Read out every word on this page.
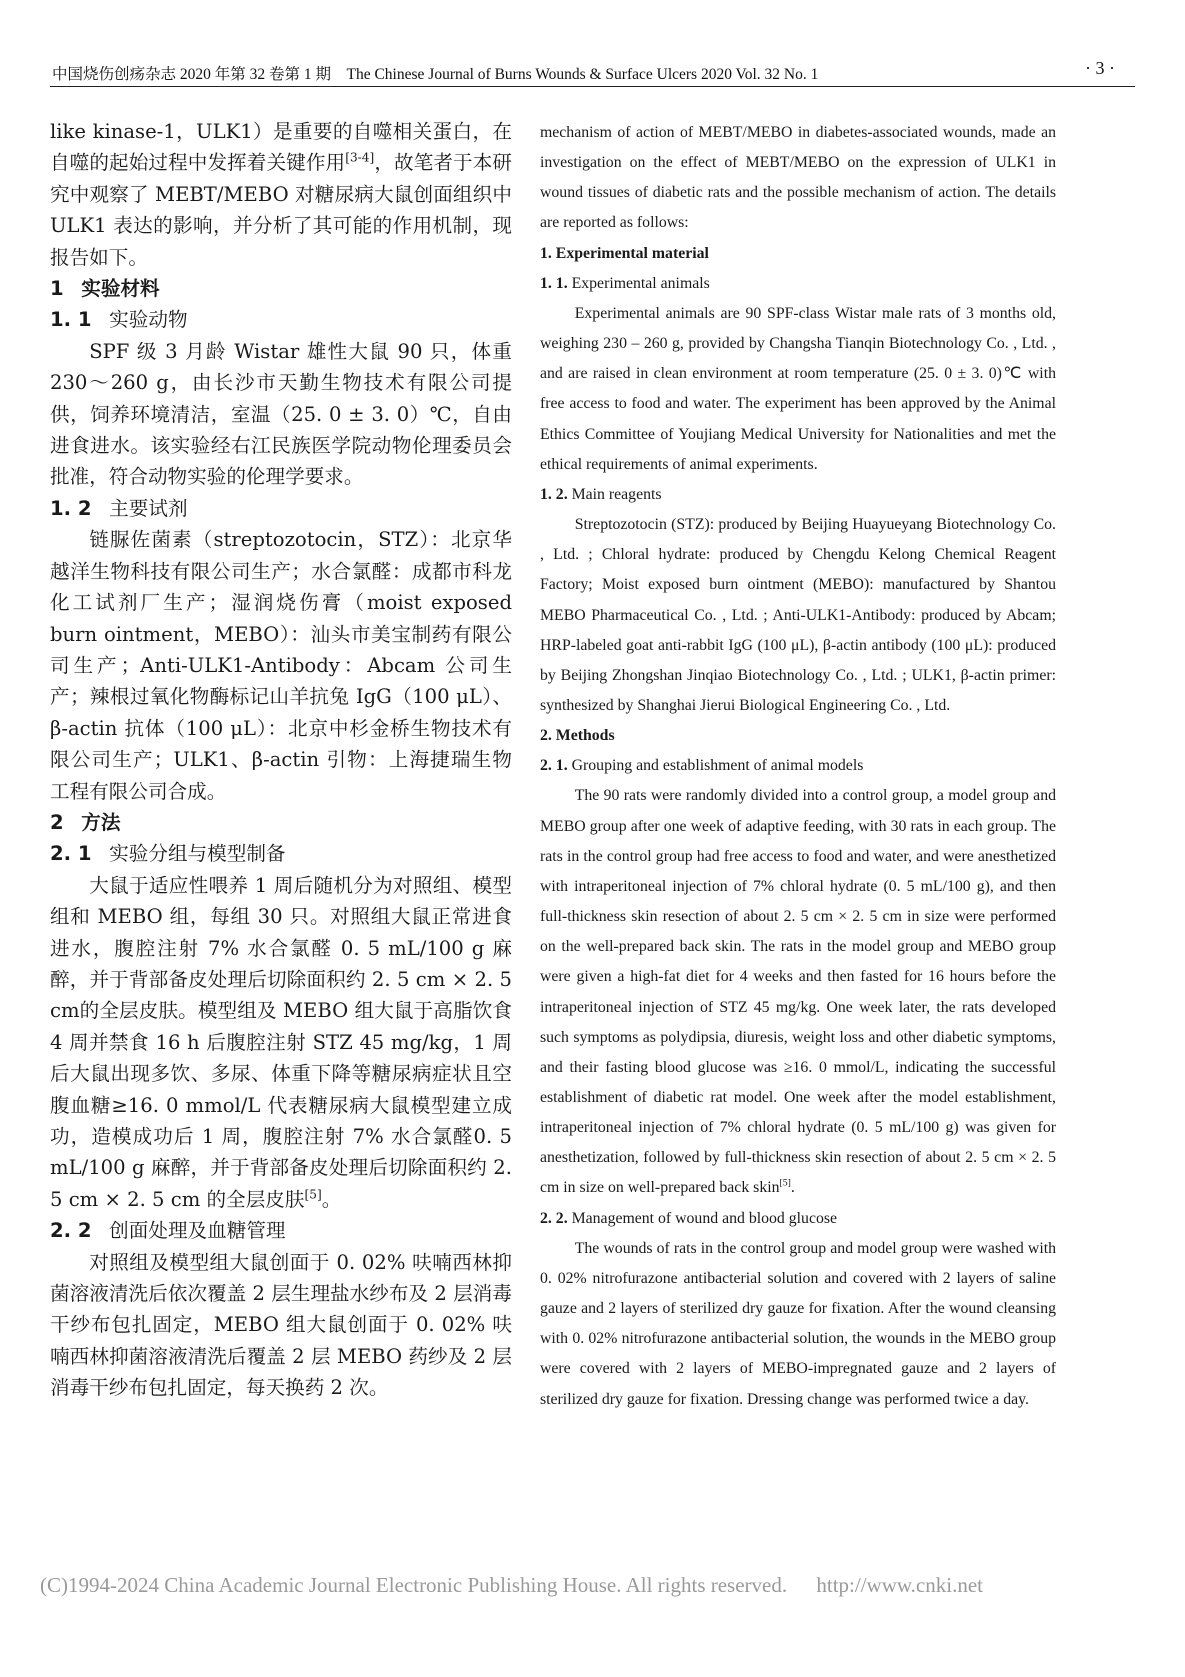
中国烧伤创疡杂志 2020 年第 32 卷第 1 期　The Chinese Journal of Burns Wounds & Surface Ulcers 2020 Vol. 32 No. 1	· 3 ·

like kinase-1，ULK1）是重要的自噬相关蛋白，在自噬的起始过程中发挥着关键作用[3-4]，故笔者于本研究中观察了 MEBT/MEBO 对糖尿病大鼠创面组织中 ULK1 表达的影响，并分析了其可能的作用机制，现报告如下。

1 实验材料

1. 1 实验动物

SPF 级 3 月龄 Wistar 雄性大鼠 90 只，体重 230～260 g，由长沙市天勤生物技术有限公司提供，饲养环境清洁，室温（25. 0 ± 3. 0）℃，自由进食进水。该实验经右江民族医学院动物伦理委员会批准，符合动物实验的伦理学要求。

1. 2 主要试剂

链脲佐菌素（streptozotocin，STZ）：北京华越洋生物科技有限公司生产；水合氯醛：成都市科龙化工试剂厂生产；湿润烧伤膏（moist exposed burn ointment，MEBO）：汕头市美宝制药有限公司生产；Anti-ULK1-Antibody：Abcam 公司生产；辣根过氧化物酶标记山羊抗兔 IgG（100 μL）、β-actin 抗体（100 μL）：北京中杉金桥生物技术有限公司生产；ULK1、β-actin 引物：上海捷瑞生物工程有限公司合成。

2 方法

2. 1 实验分组与模型制备

大鼠于适应性喂养 1 周后随机分为对照组、模型组和 MEBO 组，每组 30 只。对照组大鼠正常进食进水，腹腔注射 7% 水合氯醛 0. 5 mL/100 g 麻醉，并于背部备皮处理后切除面积约 2. 5 cm × 2. 5 cm的全层皮肤。模型组及 MEBO 组大鼠于高脂饮食 4 周并禁食 16 h 后腹腔注射 STZ 45 mg/kg，1 周后大鼠出现多饮、多尿、体重下降等糖尿病症状且空腹血糖≥16. 0 mmol/L 代表糖尿病大鼠模型建立成功，造模成功后 1 周，腹腔注射 7% 水合氯醛0. 5 mL/100 g 麻醉，并于背部备皮处理后切除面积约 2. 5 cm × 2. 5 cm 的全层皮肤[5]。

2. 2 创面处理及血糖管理

对照组及模型组大鼠创面于 0. 02% 呋喃西林抑菌溶液清洗后依次覆盖 2 层生理盐水纱布及 2 层消毒干纱布包扎固定，MEBO 组大鼠创面于 0. 02% 呋喃西林抑菌溶液清洗后覆盖 2 层 MEBO 药纱及 2 层消毒干纱布包扎固定，每天换药 2 次。

mechanism of action of MEBT/MEBO in diabetes-associated wounds, made an investigation on the effect of MEBT/MEBO on the expression of ULK1 in wound tissues of diabetic rats and the possible mechanism of action. The details are reported as follows:

1. Experimental material

1. 1. Experimental animals

Experimental animals are 90 SPF-class Wistar male rats of 3 months old, weighing 230 – 260 g, provided by Changsha Tianqin Biotechnology Co. , Ltd. , and are raised in clean environment at room temperature (25. 0 ± 3. 0)℃ with free access to food and water. The experiment has been approved by the Animal Ethics Committee of Youjiang Medical University for Nationalities and met the ethical requirements of animal experiments.

1. 2. Main reagents

Streptozotocin (STZ): produced by Beijing Huayueyang Biotechnology Co. , Ltd. ; Chloral hydrate: produced by Chengdu Kelong Chemical Reagent Factory; Moist exposed burn ointment (MEBO): manufactured by Shantou MEBO Pharmaceutical Co. , Ltd. ; Anti-ULK1-Antibody: produced by Abcam; HRP-labeled goat anti-rabbit IgG (100 μL), β-actin antibody (100 μL): produced by Beijing Zhongshan Jinqiao Biotechnology Co. , Ltd. ; ULK1, β-actin primer: synthesized by Shanghai Jierui Biological Engineering Co. , Ltd.

2. Methods

2. 1. Grouping and establishment of animal models

The 90 rats were randomly divided into a control group, a model group and MEBO group after one week of adaptive feeding, with 30 rats in each group. The rats in the control group had free access to food and water, and were anesthetized with intraperitoneal injection of 7% chloral hydrate (0. 5 mL/100 g), and then full-thickness skin resection of about 2. 5 cm × 2. 5 cm in size were performed on the well-prepared back skin. The rats in the model group and MEBO group were given a high-fat diet for 4 weeks and then fasted for 16 hours before the intraperitoneal injection of STZ 45 mg/kg. One week later, the rats developed such symptoms as polydipsia, diuresis, weight loss and other diabetic symptoms, and their fasting blood glucose was ≥16. 0 mmol/L, indicating the successful establishment of diabetic rat model. One week after the model establishment, intraperitoneal injection of 7% chloral hydrate (0. 5 mL/100 g) was given for anesthetization, followed by full-thickness skin resection of about 2. 5 cm × 2. 5 cm in size on well-prepared back skin[5].

2. 2. Management of wound and blood glucose

The wounds of rats in the control group and model group were washed with 0. 02% nitrofurazone antibacterial solution and covered with 2 layers of saline gauze and 2 layers of sterilized dry gauze for fixation. After the wound cleansing with 0. 02% nitrofurazone antibacterial solution, the wounds in the MEBO group were covered with 2 layers of MEBO-impregnated gauze and 2 layers of sterilized dry gauze for fixation. Dressing change was performed twice a day.

(C)1994-2024 China Academic Journal Electronic Publishing House. All rights reserved. http://www.cnki.net
